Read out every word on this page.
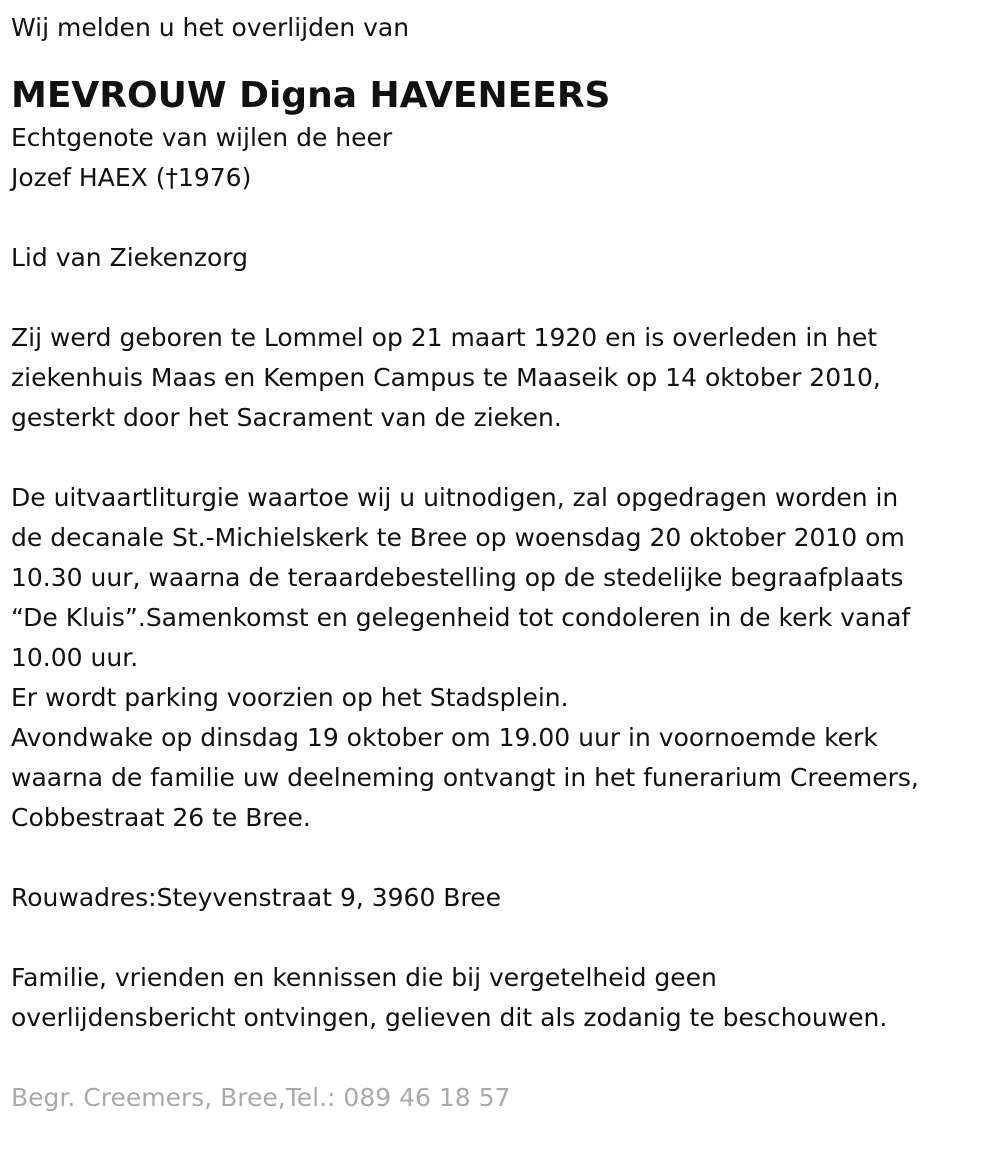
Wij melden u het overlijden van

MEVROUW Digna HAVENEERS

Echtgenote van wijlen de heer

Jozef HAEX (†1976)

Lid van Ziekenzorg

Zij werd geboren te Lommel op 21 maart 1920 en is overleden in het

ziekenhuis Maas en Kempen Campus te Maaseik op 14 oktober 2010,

gesterkt door het Sacrament van de zieken.

De uitvaartliturgie waartoe wij u uitnodigen, zal opgedragen worden in

de decanale St.-Michielskerk te Bree op woensdag 20 oktober 2010 om

10.30 uur, waarna de teraardebestelling op de stedelijke begraafplaats

“De Kluis”.Samenkomst en gelegenheid tot condoleren in de kerk vanaf

10.00 uur.

Er wordt parking voorzien op het Stadsplein.

Avondwake op dinsdag 19 oktober om 19.00 uur in voornoemde kerk

waarna de familie uw deelneming ontvangt in het funerarium Creemers,

Cobbestraat 26 te Bree.

Rouwadres:Steyvenstraat 9, 3960 Bree

Familie, vrienden en kennissen die bij vergetelheid geen

overlijdensbericht ontvingen, gelieven dit als zodanig te beschouwen.

Begr. Creemers, Bree,Tel.: 089 46 18 57
